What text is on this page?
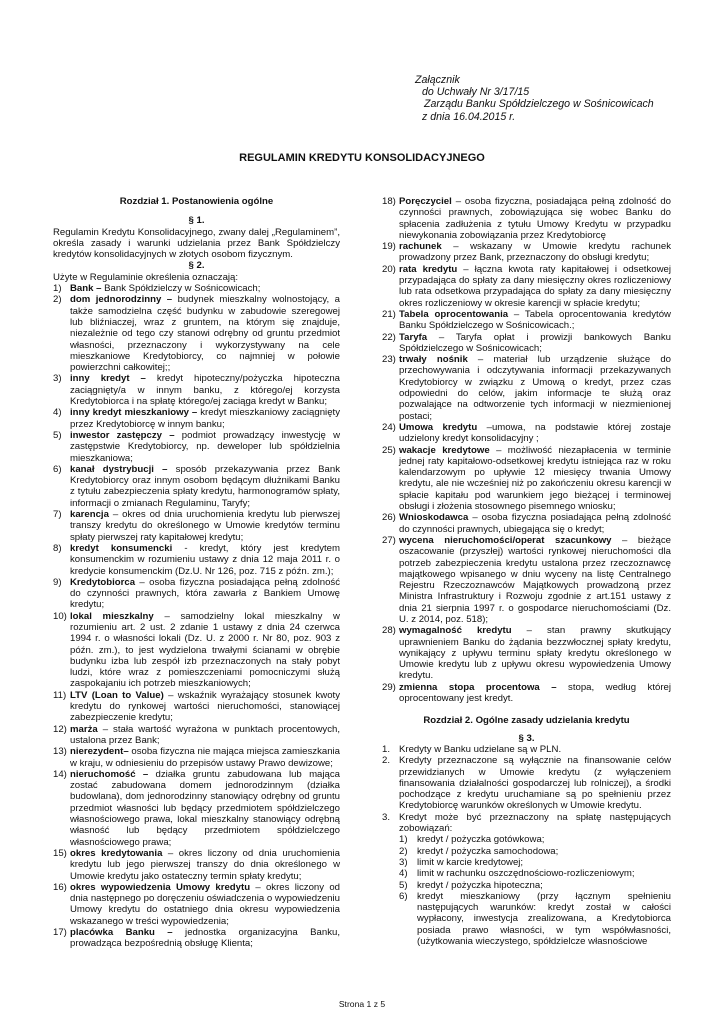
Załącznik
do Uchwały Nr 3/17/15
Zarządu Banku Spółdzielczego w Sośnicowicach
z dnia 16.04.2015 r.
REGULAMIN KREDYTU KONSOLIDACYJNEGO
Rozdział 1. Postanowienia ogólne
§ 1.
Regulamin Kredytu Konsolidacyjnego, zwany dalej „Regulaminem”, określa zasady i warunki udzielania przez Bank Spółdzielczy kredytów konsolidacyjnych w złotych osobom fizycznym.
§ 2.
Użyte w Regulaminie określenia oznaczają:
1) Bank – Bank Spółdzielczy w Sośnicowicach;
2) dom jednorodzinny – budynek mieszkalny wolnostojący, a także samodzielna część budynku w zabudowie szeregowej lub bliźniaczej, wraz z gruntem, na którym się znajduje, niezależnie od tego czy stanowi odrębny od gruntu przedmiot własności, przeznaczony i wykorzystywany na cele mieszkaniowe Kredytobiorcy, co najmniej w połowie powierzchni całkowitej;;
3) inny kredyt – kredyt hipoteczny/pożyczka hipoteczna zaciągnięty/a w innym banku, z którego/ej korzysta Kredytobiorca i na spłatę którego/ej zaciąga kredyt w Banku;
4) inny kredyt mieszkaniowy – kredyt mieszkaniowy zaciągnięty przez Kredytobiorcę w innym banku;
5) inwestor zastępczy – podmiot prowadzący inwestycję w zastępstwie Kredytobiorcy, np. deweloper lub spółdzielnia mieszkaniowa;
6) kanał dystrybucji – sposób przekazywania przez Bank Kredytobiorcy oraz innym osobom będącym dłużnikami Banku z tytułu zabezpieczenia spłaty kredytu, harmonogramów spłaty, informacji o zmianach Regulaminu, Taryfy;
7) karencja – okres od dnia uruchomienia kredytu lub pierwszej transzy kredytu do określonego w Umowie kredytów terminu spłaty pierwszej raty kapitałowej kredytu;
8) kredyt konsumencki - kredyt, który jest kredytem konsumenckim w rozumieniu ustawy z dnia 12 maja 2011 r. o kredycie konsumenckim (Dz.U. Nr 126, poz. 715 z późn. zm.);
9) Kredytobiorca – osoba fizyczna posiadająca pełną zdolność do czynności prawnych, która zawarła z Bankiem Umowę kredytu;
10) lokal mieszkalny – samodzielny lokal mieszkalny w rozumieniu art. 2 ust. 2 zdanie 1 ustawy z dnia 24 czerwca 1994 r. o własności lokali (Dz. U. z 2000 r. Nr 80, poz. 903 z późn. zm.), to jest wydzielona trwałymi ścianami w obrębie budynku izba lub zespół izb przeznaczonych na stały pobyt ludzi, które wraz z pomieszczeniami pomocniczymi służą zaspokajaniu ich potrzeb mieszkaniowych;
11) LTV (Loan to Value) – wskaźnik wyrażający stosunek kwoty kredytu do rynkowej wartości nieruchomości, stanowiącej zabezpieczenie kredytu;
12) marża – stała wartość wyrażona w punktach procentowych, ustalona przez Bank;
13) nierezydent– osoba fizyczna nie mająca miejsca zamieszkania w kraju, w odniesieniu do przepisów ustawy Prawo dewizowe;
14) nieruchomość – działka gruntu zabudowana lub mająca zostać zabudowana domem jednorodzinnym (działka budowlana), dom jednorodzinny stanowiący odrębny od gruntu przedmiot własności lub będący przedmiotem spółdzielczego własnościowego prawa, lokal mieszkalny stanowiący odrębną własność lub będący przedmiotem spółdzielczego własnościowego prawa;
15) okres kredytowania – okres liczony od dnia uruchomienia kredytu lub jego pierwszej transzy do dnia określonego w Umowie kredytu jako ostateczny termin spłaty kredytu;
16) okres wypowiedzenia Umowy kredytu – okres liczony od dnia następnego po doręczeniu oświadczenia o wypowiedzeniu Umowy kredytu do ostatniego dnia okresu wypowiedzenia wskazanego w treści wypowiedzenia;
17) placówka Banku – jednostka organizacyjna Banku, prowadząca bezpośrednią obsługę Klienta;
18) Poręczyciel – osoba fizyczna, posiadająca pełną zdolność do czynności prawnych, zobowiązująca się wobec Banku do spłacenia zadłużenia z tytułu Umowy Kredytu w przypadku niewykonania zobowiązania przez Kredytobiorcę
19) rachunek – wskazany w Umowie kredytu rachunek prowadzony przez Bank, przeznaczony do obsługi kredytu;
20) rata kredytu – łączna kwota raty kapitałowej i odsetkowej przypadająca do spłaty za dany miesięczny okres rozliczeniowy lub rata odsetkowa przypadająca do spłaty za dany miesięczny okres rozliczeniowy w okresie karencji w spłacie kredytu;
21) Tabela oprocentowania – Tabela oprocentowania kredytów Banku Spółdzielczego w Sośnicowicach.;
22) Taryfa – Taryfa opłat i prowizji bankowych Banku Spółdzielczego w Sośnicowicach;
23) trwały nośnik – materiał lub urządzenie służące do przechowywania i odczytywania informacji przekazywanych Kredytobiorcy w związku z Umową o kredyt, przez czas odpowiedni do celów, jakim informacje te służą oraz pozwalające na odtworzenie tych informacji w niezmienionej postaci;
24) Umowa kredytu –umowa, na podstawie której zostaje udzielony kredyt konsolidacyjny ;
25) wakacje kredytowe – możliwość niezapłacenia w terminie jednej raty kapitałowo-odsetkowej kredytu istniejąca raz w roku kalendarzowym po upływie 12 miesięcy trwania Umowy kredytu, ale nie wcześniej niż po zakończeniu okresu karencji w spłacie kapitału pod warunkiem jego bieżącej i terminowej obsługi i złożenia stosownego pisemnego wniosku;
26) Wnioskodawca – osoba fizyczna posiadająca pełną zdolność do czynności prawnych, ubiegająca się o kredyt;
27) wycena nieruchomości/operat szacunkowy – bieżące oszacowanie (przyszłej) wartości rynkowej nieruchomości dla potrzeb zabezpieczenia kredytu ustalona przez rzeczoznawcę majątkowego wpisanego w dniu wyceny na listę Centralnego Rejestru Rzeczoznawców Majątkowych prowadzoną przez Ministra Infrastruktury i Rozwoju zgodnie z art.151 ustawy z dnia 21 sierpnia 1997 r. o gospodarce nieruchomościami (Dz. U. z 2014, poz. 518);
28) wymagalność kredytu – stan prawny skutkujący uprawnieniem Banku do żądania bezzwłocznej spłaty kredytu, wynikający z upływu terminu spłaty kredytu określonego w Umowie kredytu lub z upływu okresu wypowiedzenia Umowy kredytu.
29) zmienna stopa procentowa – stopa, według której oprocentowany jest kredyt.
Rozdział 2. Ogólne zasady udzielania kredytu
§ 3.
1. Kredyty w Banku udzielane są w PLN.
2. Kredyty przeznaczone są wyłącznie na finansowanie celów przewidzianych w Umowie kredytu (z wyłączeniem finansowania działalności gospodarczej lub rolniczej), a środki pochodzące z kredytu uruchamiane są po spełnieniu przez Kredytobiorcę warunków określonych w Umowie kredytu.
3. Kredyt może być przeznaczony na spłatę następujących zobowiązań:
1) kredyt / pożyczka gotówkowa;
2) kredyt / pożyczka samochodowa;
3) limit w karcie kredytowej;
4) limit w rachunku oszczędnościowo-rozliczeniowym;
5) kredyt / pożyczka hipoteczna;
6) kredyt mieszkaniowy (przy łącznym spełnieniu następujących warunków: kredyt został w całości wypłacony, inwestycja zrealizowana, a Kredytobiorca posiada prawo własności, w tym współwłasności, (użytkowania wieczystego, spółdzielcze własnościowe
Strona 1 z 5
